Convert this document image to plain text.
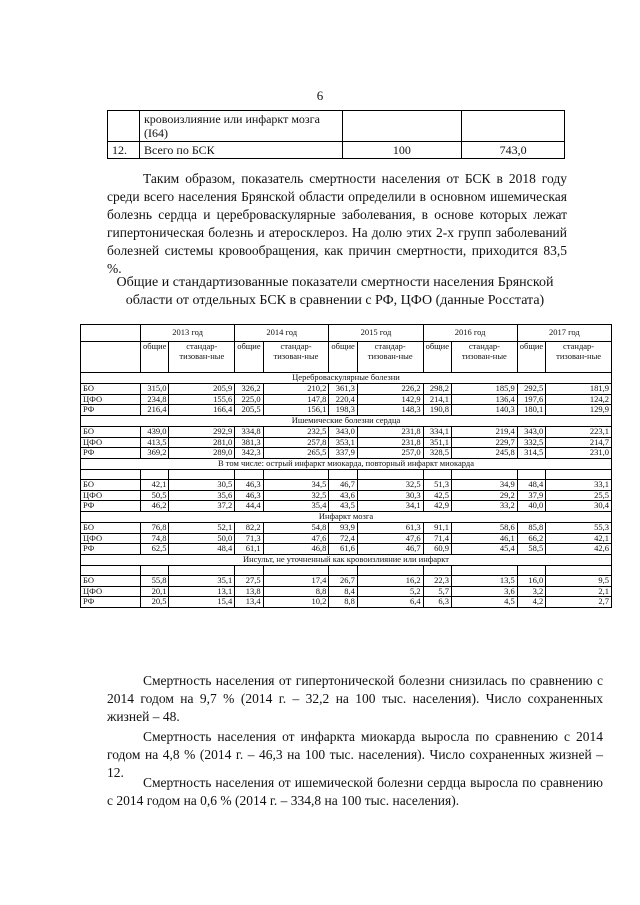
6
	кровоизлияние или инфаркт мозга (I64)		
12.	Всего по БСК	100	743,0
Таким образом, показатель смертности населения от БСК в 2018 году среди всего населения Брянской области определили в основном ишемическая болезнь сердца и цереброваскулярные заболевания, в основе которых лежат гипертоническая болезнь и атеросклероз. На долю этих 2-х групп заболеваний болезней системы кровообращения, как причин смертности, приходится 83,5 %.
Общие и стандартизованные показатели смертности населения Брянской области от отдельных БСК в сравнении с РФ, ЦФО (данные Росстата)
	2013 год		2014 год		2015 год		2016 год		2017 год	
	общие	стандар-тизован-ные	общие	стандар-тизован-ные	общие	стандар-тизован-ные	общие	стандар-тизован-ные	общие	стандар-тизован-ные
Цереброваскулярные болезни										
БО	315,0	205,9	326,2	210,2	361,3	226,2	298,2	185,9	292,5	181,9
ЦФО	234,8	155,6	225,0	147,8	220,4	142,9	214,1	136,4	197,6	124,2
РФ	216,4	166,4	205,5	156,1	198,3	148,3	190,8	140,3	180,1	129,9
Ишемические болезни сердца										
БО	439,0	292,9	334,8	232,5	343,0	231,8	334,1	219,4	343,0	223,1
ЦФО	413,5	281,0	381,3	257,8	353,1	231,8	351,1	229,7	332,5	214,7
РФ	369,2	289,0	342,3	265,5	337,9	257,0	328,5	245,8	314,5	231,0
В том числе: острый инфаркт миокарда, повторный инфаркт миокарда										

БО	42,1	30,5	46,3	34,5	46,7	32,5	51,3	34,9	48,4	33,1
ЦФО	50,5	35,6	46,3	32,5	43,6	30,3	42,5	29,2	37,9	25,5
РФ	46,2	37,2	44,4	35,4	43,5	34,1	42,9	33,2	40,0	30,4
Инфаркт мозга										
БО	76,8	52,1	82,2	54,8	93,9	61,3	91,1	58,6	85,8	55,3
ЦФО	74,8	50,0	71,3	47,6	72,4	47,6	71,4	46,1	66,2	42,1
РФ	62,5	48,4	61,1	46,8	61,6	46,7	60,9	45,4	58,5	42,6
Инсульт, не уточненный как кровоизлияние или инфаркт										

БО	55,8	35,1	27,5	17,4	26,7	16,2	22,3	13,5	16,0	9,5
ЦФО	20,1	13,1	13,8	8,8	8,4	5,2	5,7	3,6	3,2	2,1
РФ	20,5	15,4	13,4	10,2	8,8	6,4	6,3	4,5	4,2	2,7
Смертность населения от гипертонической болезни снизилась по сравнению с 2014 годом на 9,7 % (2014 г. – 32,2 на 100 тыс. населения). Число сохраненных жизней – 48.
Смертность населения от инфаркта миокарда выросла по сравнению с 2014 годом на 4,8 % (2014 г. – 46,3 на 100 тыс. населения). Число сохраненных жизней – 12.
Смертность населения от ишемической болезни сердца выросла по сравнению с 2014 годом на 0,6 % (2014 г. – 334,8 на 100 тыс. населения).
